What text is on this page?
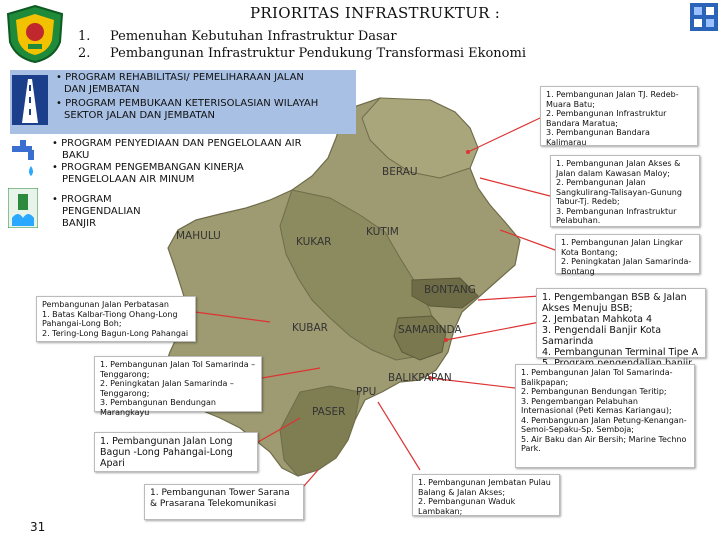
PRIORITAS INFRASTRUKTUR :
1. Pemenuhan Kebutuhan Infrastruktur Dasar
2. Pembangunan Infrastruktur Pendukung Transformasi Ekonomi
• PROGRAM REHABILITASI/ PEMELIHARAAN JALAN
DAN JEMBATAN
• PROGRAM PEMBUKAAN KETERISOLASIAN WILAYAH
SEKTOR JALAN DAN JEMBATAN
• PROGRAM PENYEDIAAN DAN PENGELOLAAN AIR
BAKU
• PROGRAM PENGEMBANGAN KINERJA
PENGELOLAAN AIR MINUM
• PROGRAM
PENGENDALIAN
BANJIR
BERAU
KUTIM
MAHULU	KUKAR
BONTANG
KUBAR	SAMARINDA
BALIKPAPAN
PPU
PASER
1. Pembangunan Jalan TJ. Redeb-Muara Batu;
2. Pembangunan Infrastruktur Bandara Maratua;
3. Pembangunan Bandara Kalimarau
1. Pembangunan Jalan Akses & Jalan dalam Kawasan Maloy;
2. Pembangunan Jalan Sangkulirang-Talisayan-Gunung Tabur-Tj. Redeb;
3. Pembangunan Infrastruktur Pelabuhan.
1. Pembangunan Jalan Lingkar Kota Bontang;
2. Peningkatan Jalan Samarinda-Bontang
1. Pengembangan BSB & Jalan Akses Menuju BSB;
2. Jembatan Mahkota 4
3. Pengendali Banjir Kota Samarinda
4. Pembangunan Terminal Tipe A
1. Pembangunan Jalan Tol Samarinda-Balikpapan;
2. Pembangunan Bendungan Teritip;
3. Pengembangan Pelabuhan Internasional (Peti Kemas Kariangau);
4. Pembangunan Jalan Petung-Kenangan-Semoi-Sepaku-Sp. Semboja;
5. Air Baku dan Air Bersih; Marine Techno Park.
1. Pembangunan Jembatan Pulau Balang & Jalan Akses;
2. Pembangunan Waduk Lambakan;
Pembangunan Jalan Perbatasan
1. Batas Kalbar-Tiong Ohang-Long Pahangai-Long Boh;
2. Tering-Long Bagun-Long Pahangai
1. Pembangunan Jalan Tol Samarinda – Tenggarong;
2. Peningkatan Jalan Samarinda – Tenggarong;
3. Pembangunan Bendungan Marangkayu
1. Pembangunan Jalan Long Bagun -Long Pahangai-Long Apari
1. Pembangunan Tower Sarana & Prasarana Telekomunikasi
31
